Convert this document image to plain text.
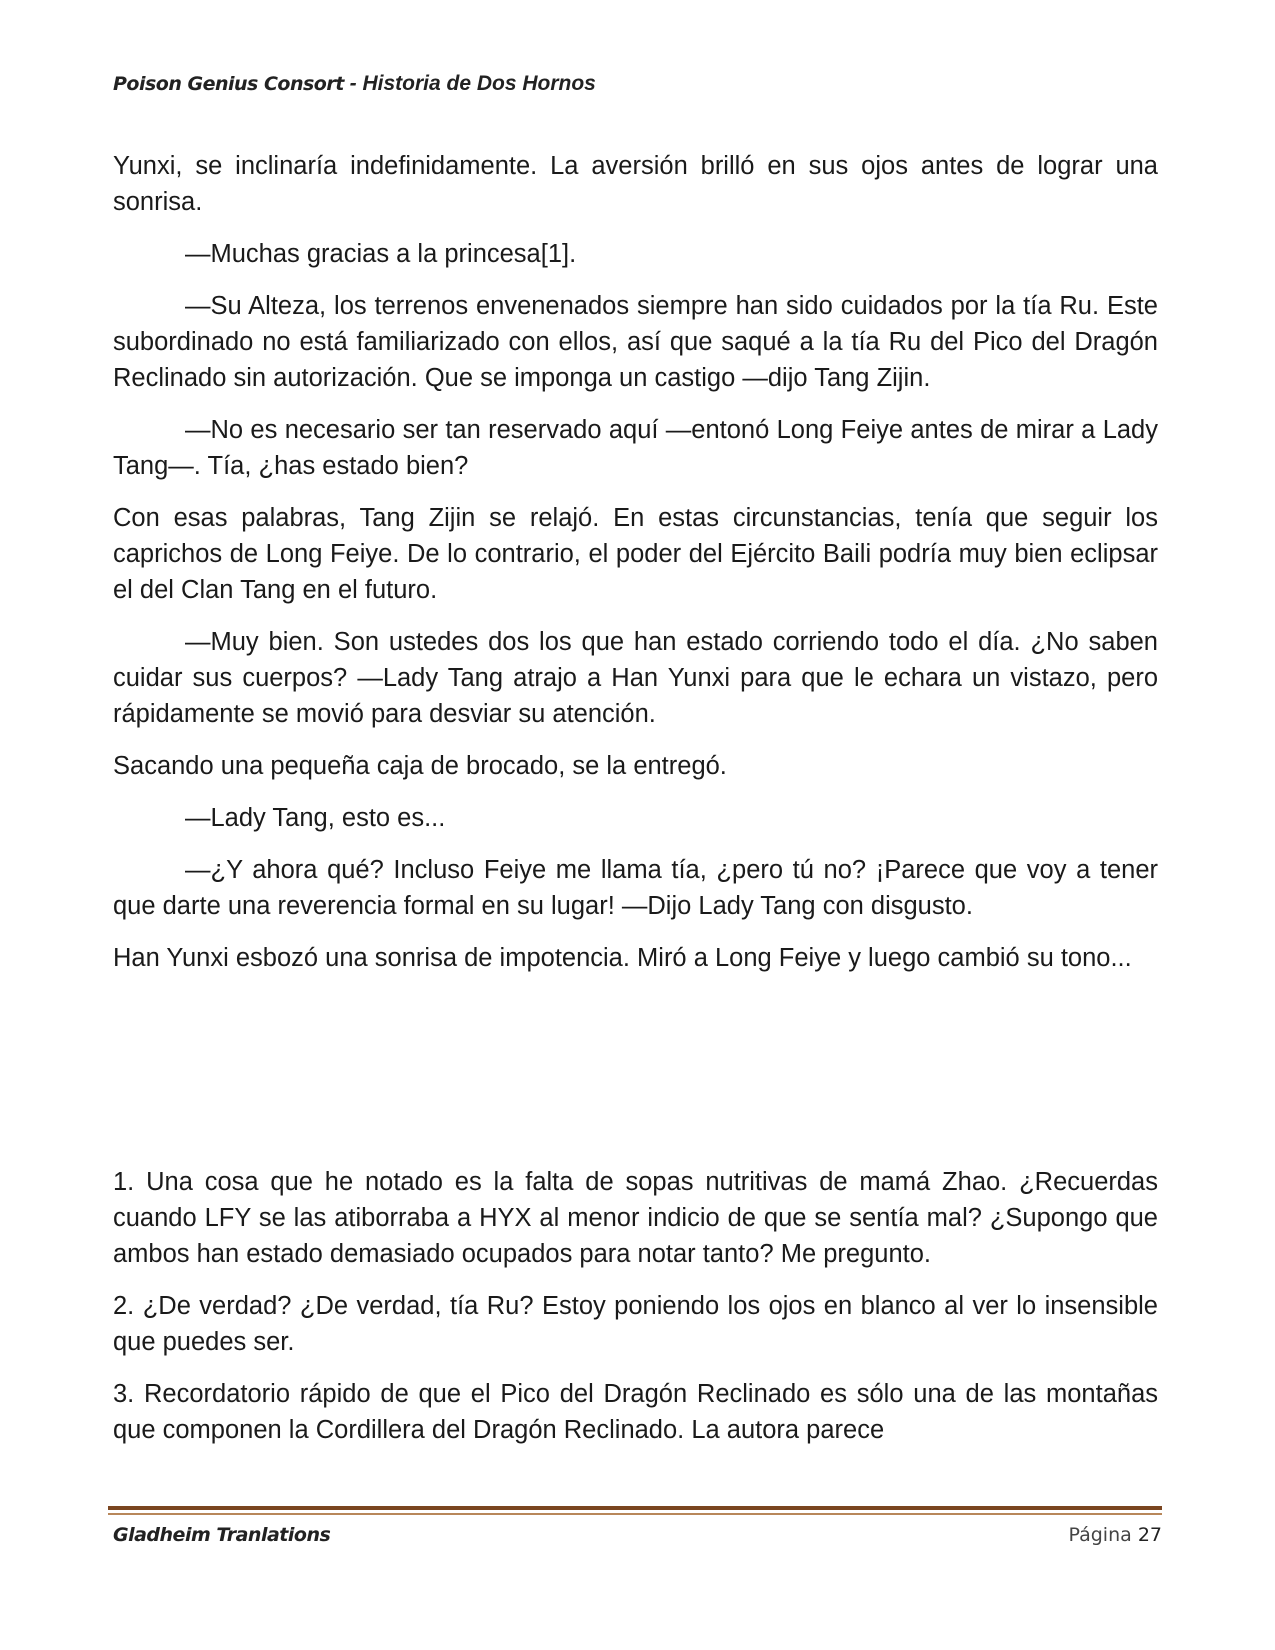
Poison Genius Consort - Historia de Dos Hornos

Yunxi, se inclinaría indefinidamente. La aversión brilló en sus ojos antes de lograr una sonrisa.

—Muchas gracias a la princesa[1].

—Su Alteza, los terrenos envenenados siempre han sido cuidados por la tía Ru. Este subordinado no está familiarizado con ellos, así que saqué a la tía Ru del Pico del Dragón Reclinado sin autorización. Que se imponga un castigo —dijo Tang Zijin.

—No es necesario ser tan reservado aquí —entonó Long Feiye antes de mirar a Lady Tang—. Tía, ¿has estado bien?

Con esas palabras, Tang Zijin se relajó. En estas circunstancias, tenía que seguir los caprichos de Long Feiye. De lo contrario, el poder del Ejército Baili podría muy bien eclipsar el del Clan Tang en el futuro.

—Muy bien. Son ustedes dos los que han estado corriendo todo el día. ¿No saben cuidar sus cuerpos? —Lady Tang atrajo a Han Yunxi para que le echara un vistazo, pero rápidamente se movió para desviar su atención.

Sacando una pequeña caja de brocado, se la entregó.

—Lady Tang, esto es...

—¿Y ahora qué? Incluso Feiye me llama tía, ¿pero tú no? ¡Parece que voy a tener que darte una reverencia formal en su lugar! —Dijo Lady Tang con disgusto.

Han Yunxi esbozó una sonrisa de impotencia. Miró a Long Feiye y luego cambió su tono...

1. Una cosa que he notado es la falta de sopas nutritivas de mamá Zhao. ¿Recuerdas cuando LFY se las atiborraba a HYX al menor indicio de que se sentía mal? ¿Supongo que ambos han estado demasiado ocupados para notar tanto? Me pregunto.

2. ¿De verdad? ¿De verdad, tía Ru? Estoy poniendo los ojos en blanco al ver lo insensible que puedes ser.

3. Recordatorio rápido de que el Pico del Dragón Reclinado es sólo una de las montañas que componen la Cordillera del Dragón Reclinado. La autora parece

Gladheim Tranlations	Página 27
